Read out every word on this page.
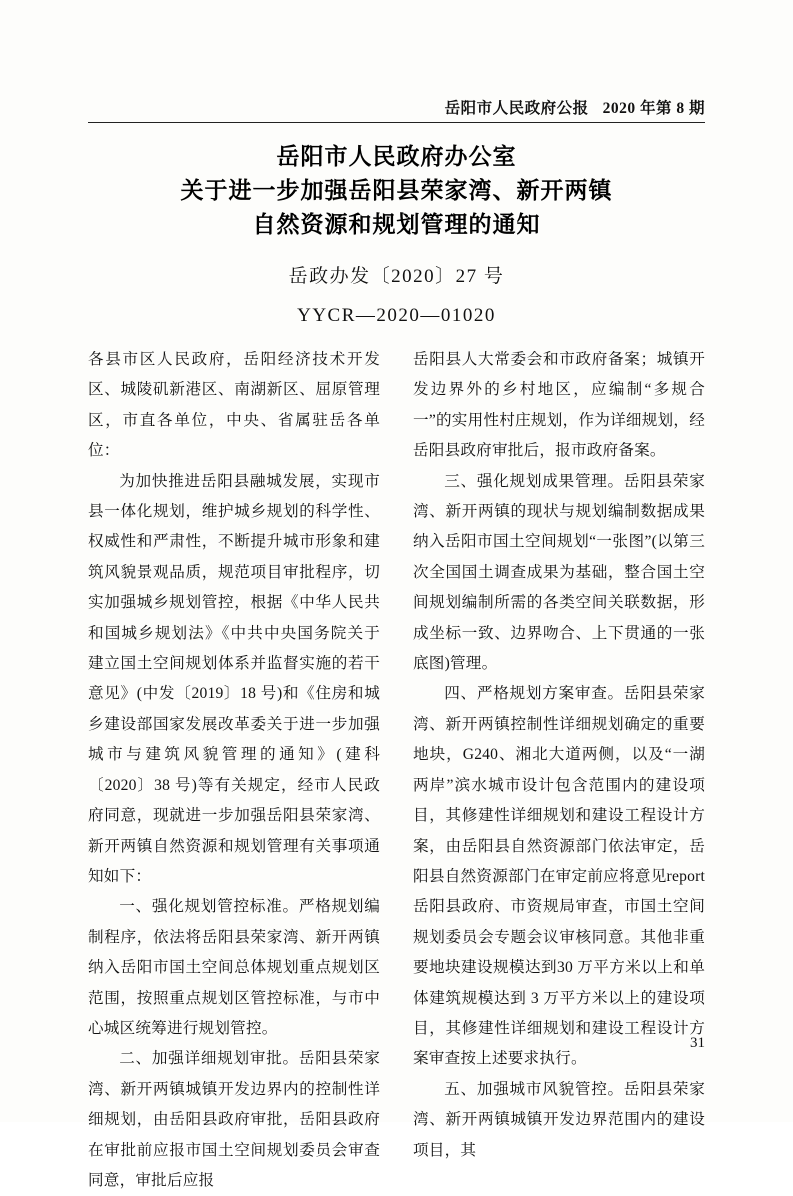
岳阳市人民政府公报 2020 年第 8 期
岳阳市人民政府办公室
关于进一步加强岳阳县荣家湾、新开两镇
自然资源和规划管理的通知
岳政办发〔2020〕27 号
YYCR—2020—01020

各县市区人民政府，岳阳经济技术开发区、城陵矶新港区、南湖新区、屈原管理区，市直各单位，中央、省属驻岳各单位：

为加快推进岳阳县融城发展，实现市县一体化规划，维护城乡规划的科学性、权威性和严肃性，不断提升城市形象和建筑风貌景观品质，规范项目审批程序，切实加强城乡规划管控，根据《中华人民共和国城乡规划法》《中共中央国务院关于建立国土空间规划体系并监督实施的若干意见》(中发〔2019〕18 号)和《住房和城乡建设部国家发展改革委关于进一步加强城市与建筑风貌管理的通知》(建科〔2020〕38 号)等有关规定，经市人民政府同意，现就进一步加强岳阳县荣家湾、新开两镇自然资源和规划管理有关事项通知如下：

一、强化规划管控标准。严格规划编制程序，依法将岳阳县荣家湾、新开两镇纳入岳阳市国土空间总体规划重点规划区范围，按照重点规划区管控标准，与市中心城区统筹进行规划管控。

二、加强详细规划审批。岳阳县荣家湾、新开两镇城镇开发边界内的控制性详细规划，由岳阳县政府审批，岳阳县政府在审批前应报市国土空间规划委员会审查同意，审批后应报

岳阳县人大常委会和市政府备案；城镇开发边界外的乡村地区，应编制“多规合一”的实用性村庄规划，作为详细规划，经岳阳县政府审批后，报市政府备案。

三、强化规划成果管理。岳阳县荣家湾、新开两镇的现状与规划编制数据成果纳入岳阳市国土空间规划“一张图”(以第三次全国国土调查成果为基础，整合国土空间规划编制所需的各类空间关联数据，形成坐标一致、边界吻合、上下贯通的一张底图)管理。

四、严格规划方案审查。岳阳县荣家湾、新开两镇控制性详细规划确定的重要地块，G240、湘北大道两侧，以及“一湖两岸”滨水城市设计包含范围内的建设项目，其修建性详细规划和建设工程设计方案，由岳阳县自然资源部门依法审定，岳阳县自然资源部门在审定前应将意见report岳阳县政府、市资规局审查，市国土空间规划委员会专题会议审核同意。其他非重要地块建设规模达到30 万平方米以上和单体建筑规模达到 3 万平方米以上的建设项目，其修建性详细规划和建设工程设计方案审查按上述要求执行。

五、加强城市风貌管控。岳阳县荣家湾、新开两镇城镇开发边界范围内的建设项目，其

31
